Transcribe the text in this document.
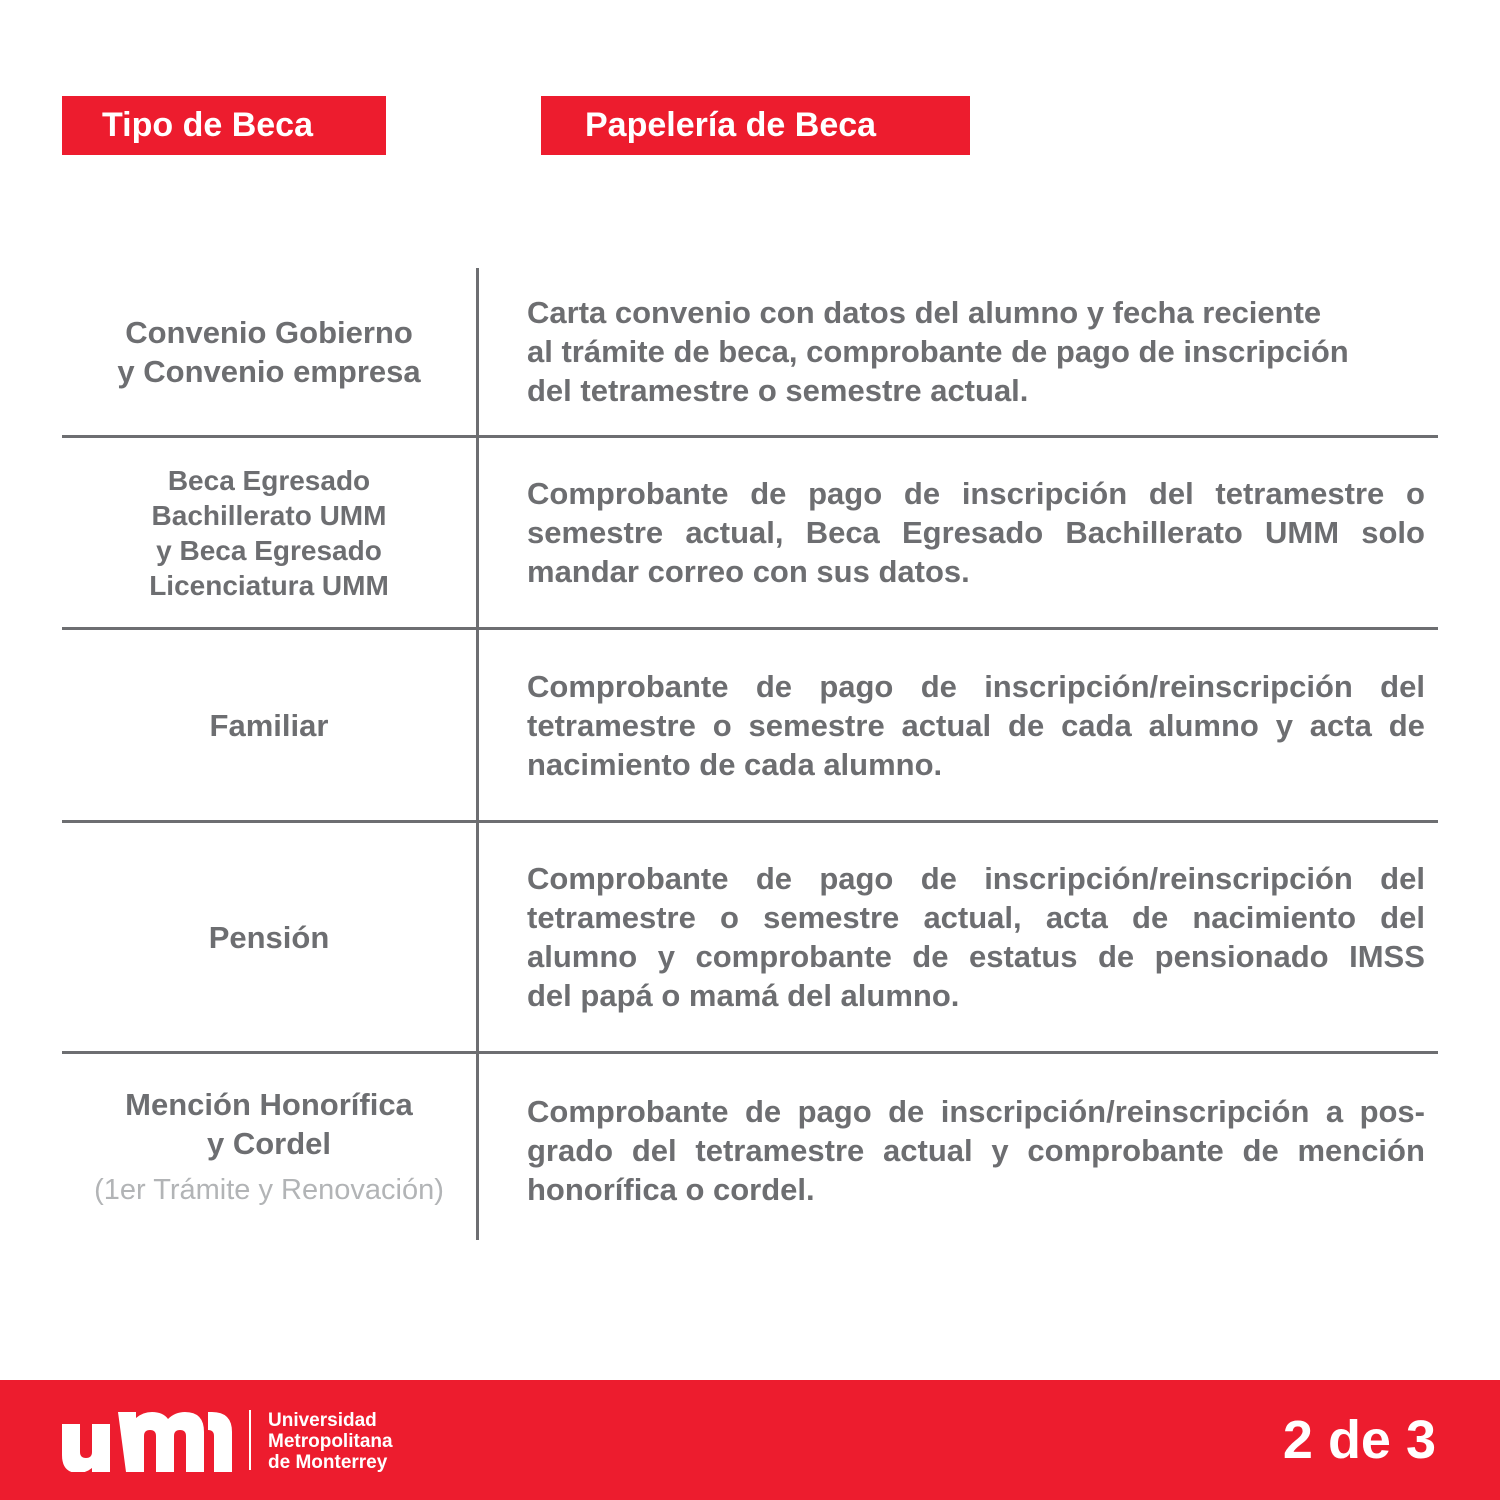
Tipo de Beca	Papelería de Beca
Convenio Gobierno
y Convenio empresa
Carta convenio con datos del alumno y fecha reciente
al trámite de beca, comprobante de pago de inscripción
del tetramestre o semestre actual.
Beca Egresado
Bachillerato UMM
y Beca Egresado
Licenciatura UMM
Comprobante de pago de inscripción del tetramestre o
semestre actual, Beca Egresado Bachillerato UMM solo
mandar correo con sus datos.
Familiar
Comprobante de pago de inscripción/reinscripción del
tetramestre o semestre actual de cada alumno y acta de
nacimiento de cada alumno.
Pensión
Comprobante de pago de inscripción/reinscripción del
tetramestre o semestre actual, acta de nacimiento del
alumno y comprobante de estatus de pensionado IMSS
del papá o mamá del alumno.
Mención Honorífica
y Cordel
(1er Trámite y Renovación)
Comprobante de pago de inscripción/reinscripción a pos-
grado del tetramestre actual y comprobante de mención
honorífica o cordel.
Universidad
Metropolitana
de Monterrey	2 de 3
